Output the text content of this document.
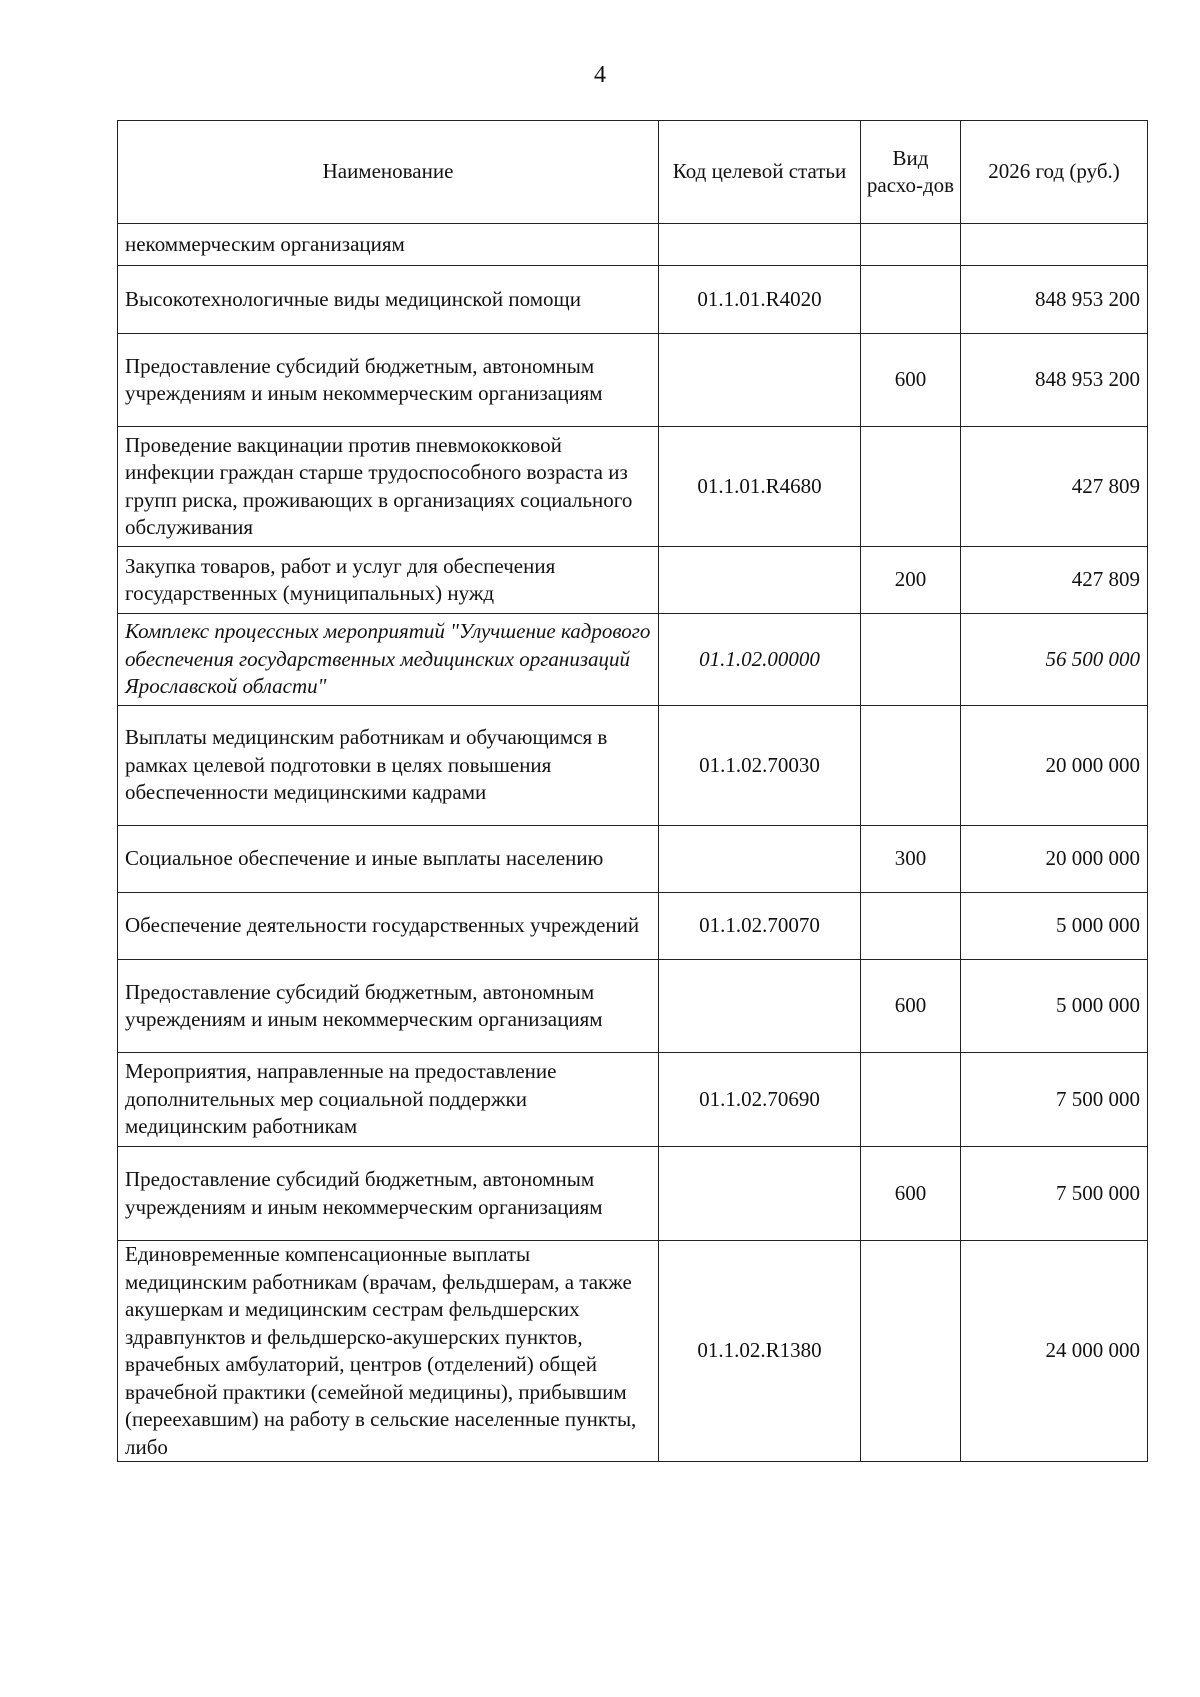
4
Наименование	Код целевой статьи	Вид расхо-дов	2026 год (руб.)
некоммерческим организациям			
Высокотехнологичные виды медицинской помощи	01.1.01.R4020		848 953 200
Предоставление субсидий бюджетным, автономным учреждениям и иным некоммерческим организациям		600	848 953 200
Проведение вакцинации против пневмококковой инфекции граждан старше трудоспособного возраста из групп риска, проживающих в организациях социального обслуживания	01.1.01.R4680		427 809
Закупка товаров, работ и услуг для обеспечения государственных (муниципальных) нужд		200	427 809
Комплекс процессных мероприятий "Улучшение кадрового обеспечения государственных медицинских организаций Ярославской области"	01.1.02.00000		56 500 000
Выплаты медицинским работникам и обучающимся в рамках целевой подготовки в целях повышения обеспеченности медицинскими кадрами	01.1.02.70030		20 000 000
Социальное обеспечение и иные выплаты населению		300	20 000 000
Обеспечение деятельности государственных учреждений	01.1.02.70070		5 000 000
Предоставление субсидий бюджетным, автономным учреждениям и иным некоммерческим организациям		600	5 000 000
Мероприятия, направленные на предоставление дополнительных мер социальной поддержки медицинским работникам	01.1.02.70690		7 500 000
Предоставление субсидий бюджетным, автономным учреждениям и иным некоммерческим организациям		600	7 500 000
Единовременные компенсационные выплаты медицинским работникам (врачам, фельдшерам, а также акушеркам и медицинским сестрам фельдшерских здравпунктов и фельдшерско-акушерских пунктов, врачебных амбулаторий, центров (отделений) общей врачебной практики (семейной медицины), прибывшим (переехавшим) на работу в сельские населенные пункты, либо	01.1.02.R1380		24 000 000
